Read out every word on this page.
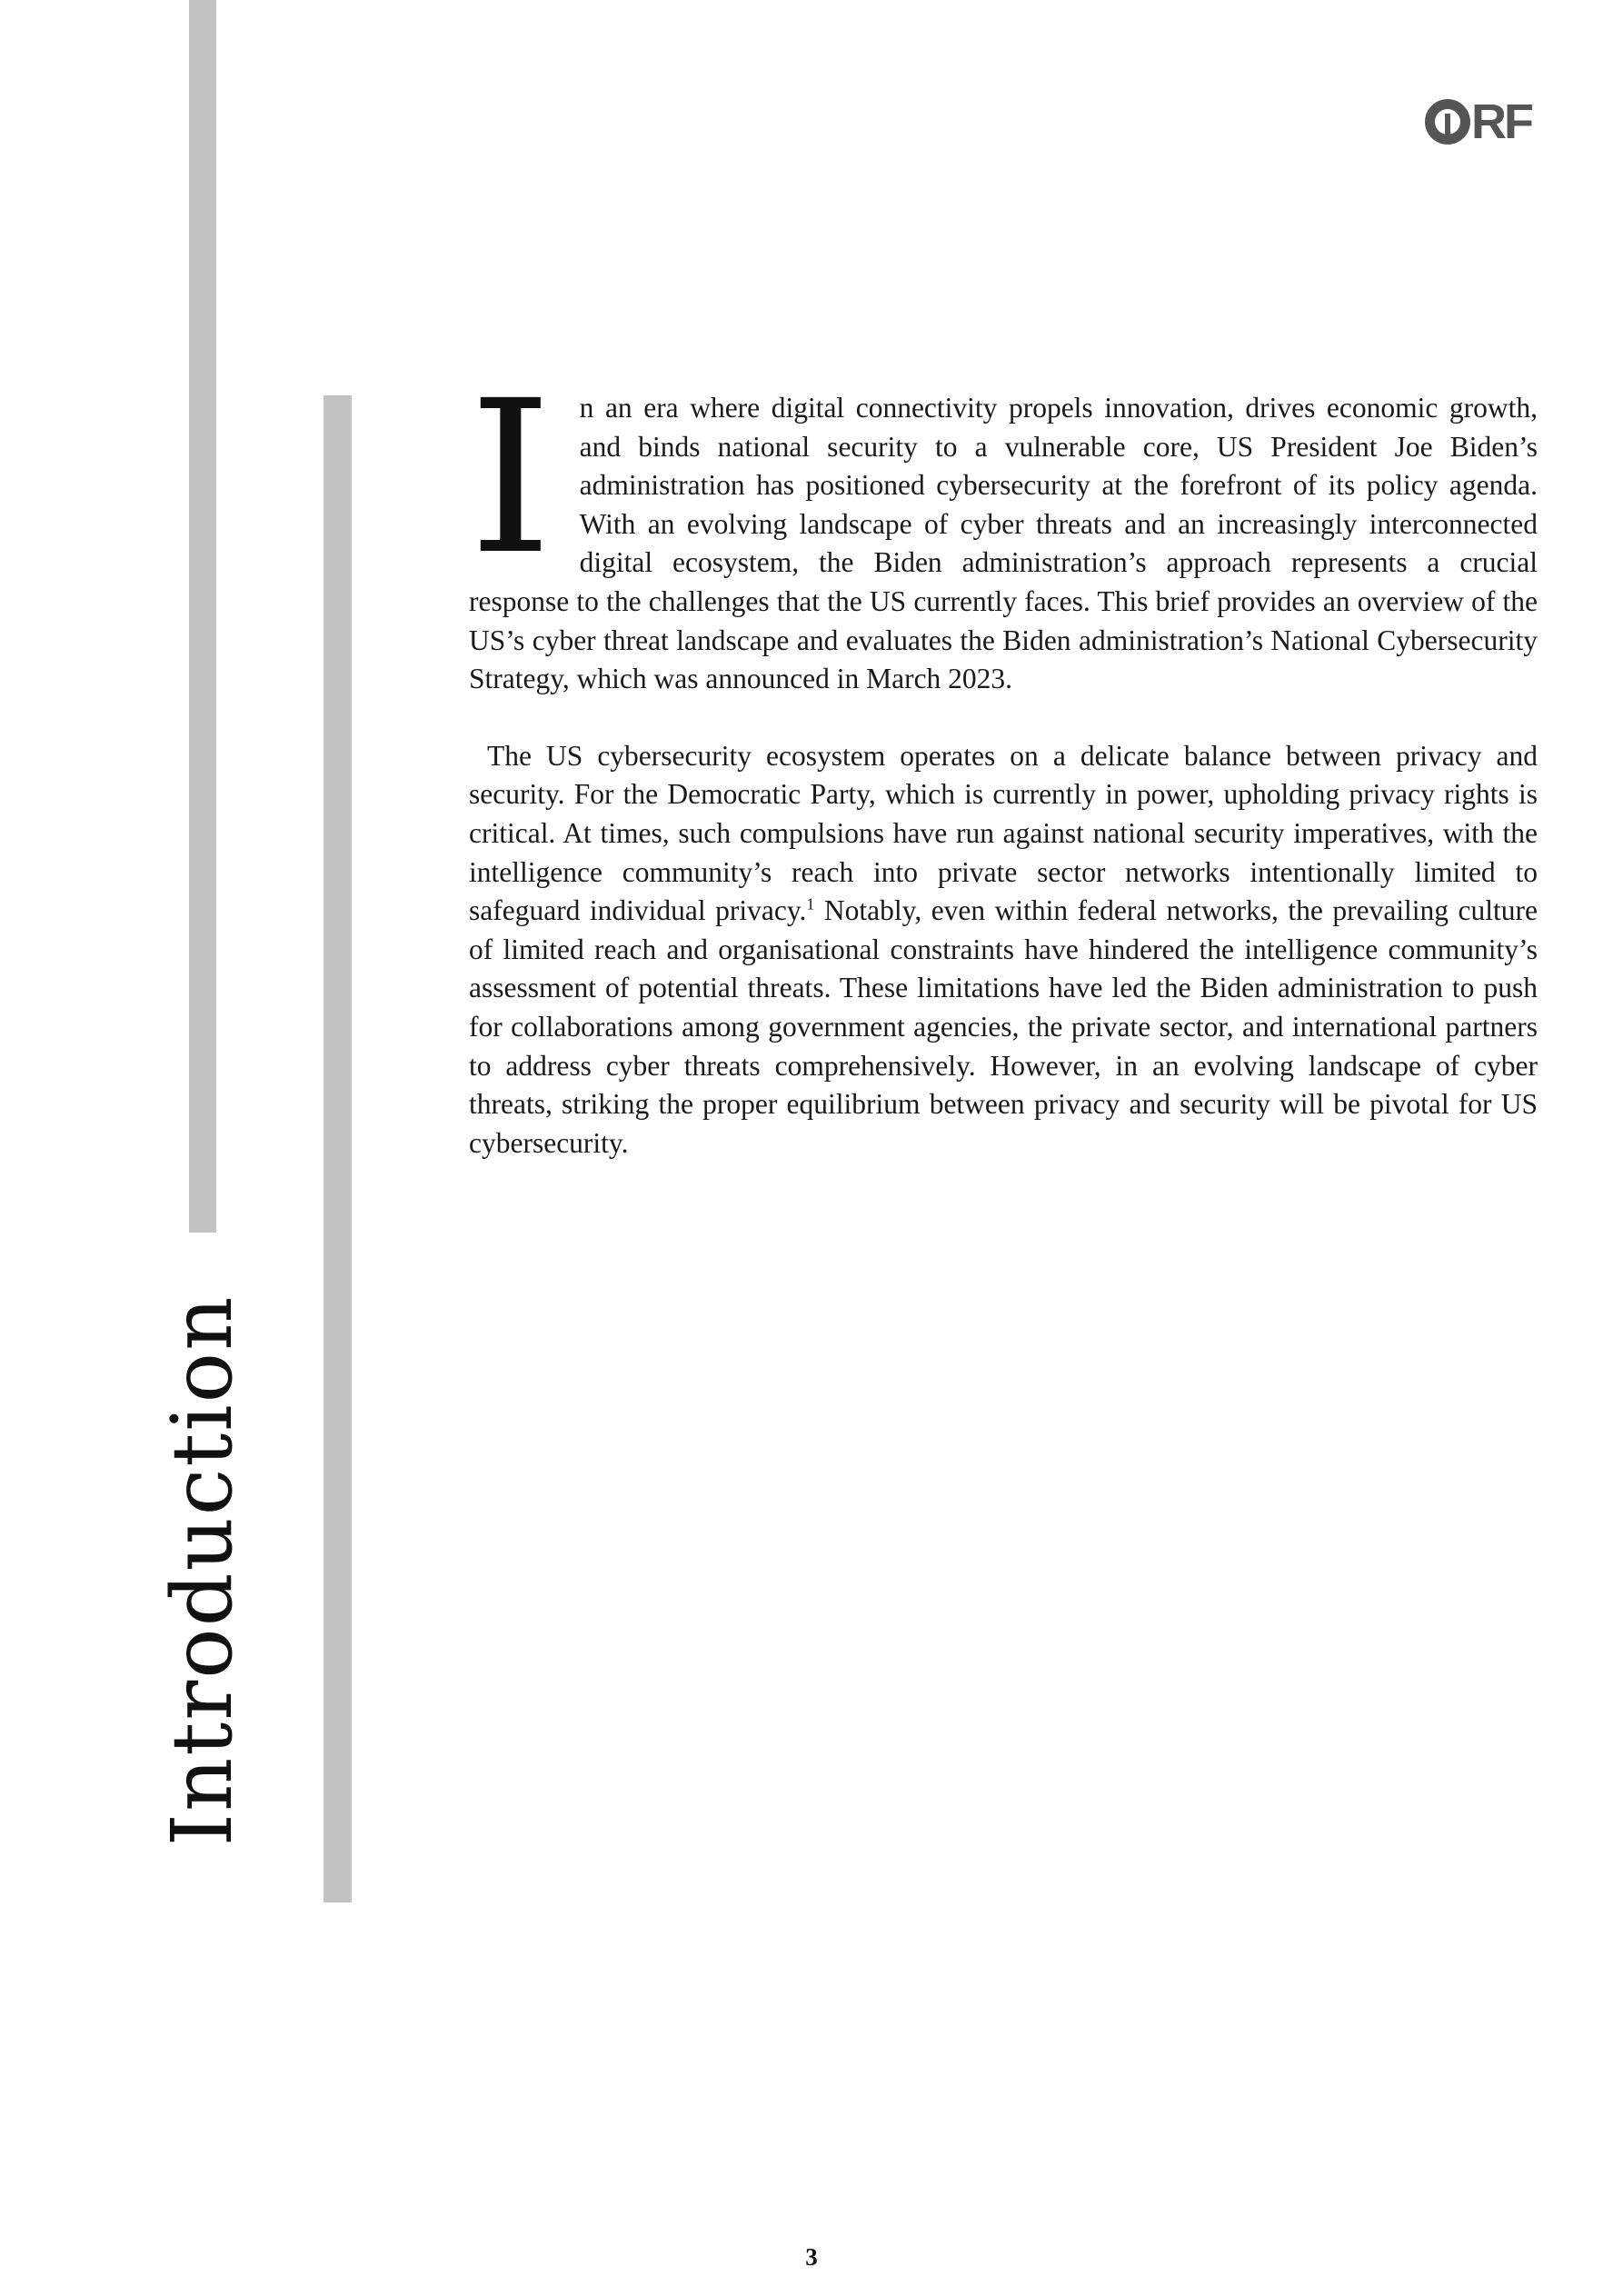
Introduction
RF

In an era where digital connectivity propels innovation, drives economic growth, and binds national security to a vulnerable core, US President Joe Biden’s administration has positioned cybersecurity at the forefront of its policy agenda. With an evolving landscape of cyber threats and an increasingly interconnected digital ecosystem, the Biden administration’s approach represents a crucial response to the challenges that the US currently faces. This brief provides an overview of the US’s cyber threat landscape and evaluates the Biden administration’s National Cybersecurity Strategy, which was announced in March 2023.

The US cybersecurity ecosystem operates on a delicate balance between privacy and security. For the Democratic Party, which is currently in power, upholding privacy rights is critical. At times, such compulsions have run against national security imperatives, with the intelligence community’s reach into private sector networks intentionally limited to safeguard individual privacy.$^1$ Notably, even within federal networks, the prevailing culture of limited reach and organisational constraints have hindered the intelligence community’s assessment of potential threats. These limitations have led the Biden administration to push for collaborations among government agencies, the private sector, and international partners to address cyber threats comprehensively. However, in an evolving landscape of cyber threats, striking the proper equilibrium between privacy and security will be pivotal for US cybersecurity.

3
